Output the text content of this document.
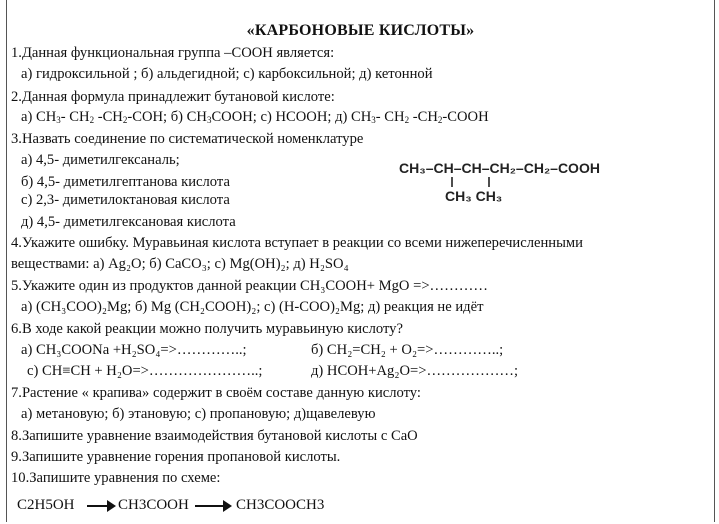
«КАРБОНОВЫЕ КИСЛОТЫ»
1.Данная функциональная группа –СООН является:
а) гидроксильной ; б) альдегидной; с) карбоксильной; д) кетонной
2.Данная формула принадлежит бутановой кислоте:
а) $СН_3-$ $СН_2$ $-СН_2$-СОН; б) $СН_3СООН$; с) НСООН; д) $СН_3-$ $СН_2$ $-СН_2$-СООН
3.Назвать соединение по систематической номенклатуре
а) 4,5- диметилгексаналь;
б) 4,5- диметилгептанова кислота
с) 2,3- диметилоктановая кислота
д) 4,5- диметилгексановая кислота
CH₃–CH–CH–CH₂–CH₂–COOH
CH₃ CH₃
4.Укажите ошибку. Муравьиная кислота вступает в реакции со всеми нижеперечисленными
веществами: а) Ag₂O; б) CaCO₃; с) Mg(OH)₂; д) H₂SO₄
5.Укажите один из продуктов данной реакции CH₃COOH+ MgO =>…………
а) (CH₃COO)₂Mg; б) Mg (CH₂COOH)₂; с) (H-COO)₂Mg; д) реакция не идёт
6.В ходе какой реакции можно получить муравьиную кислоту?
а) CH₃COONa +H₂SO₄=>…………..;	б) CH₂=CH₂ + O₂=>…………..;
с) CH≡CH + H₂O=>…………………..;	д) HCOH+Ag₂O=>………………;
7.Растение « крапива» содержит в своём составе данную кислоту:
а) метановую; б) этановую; с) пропановую; д)щавелевую
8.Запишите уравнение взаимодействия бутановой кислоты с CaO
9.Запишите уравнение горения пропановой кислоты.
10.Запишите уравнения по схеме:
C2H5OH	CH3COOH	CH3COOCH3
